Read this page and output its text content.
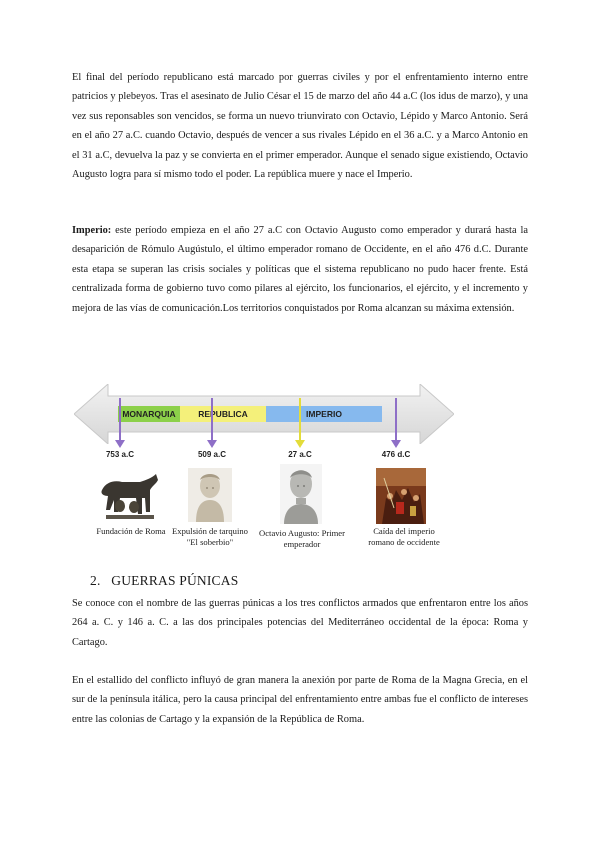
El final del período republicano está marcado por guerras civiles y por el enfrentamiento interno entre patricios y plebeyos. Tras el asesinato de Julio César el 15 de marzo del año 44 a.C (los idus de marzo), y una vez sus reponsables son vencidos, se forma un nuevo triunvirato con Octavio, Lépido y Marco Antonio. Será en el año 27 a.C. cuando Octavio, después de vencer a sus rivales Lépido en el 36 a.C. y a Marco Antonio en el 31 a.C, devuelva la paz y se convierta en el primer emperador. Aunque el senado sigue existiendo, Octavio Augusto logra para sí mismo todo el poder. La república muere y nace el Imperio.

Imperio: este período empieza en el año 27 a.C con Octavio Augusto como emperador y durará hasta la desaparición de Rómulo Augústulo, el último emperador romano de Occidente, en el año 476 d.C. Durante esta etapa se superan las crisis sociales y políticas que el sistema republicano no pudo hacer frente. Está centralizada forma de gobierno tuvo como pilares al ejército, los funcionarios, el ejército, y el incremento y mejora de las vías de comunicación.Los territorios conquistados por Roma alcanzan su máxima extensión.

MONARQUIA	REPUBLICA	IMPERIO
753 a.C	509 a.C	27 a.C	476 d.C
Fundación de Roma Expulsión de tarquino "El soberbio"
Octavio Augusto: Primer emperador
Caída del imperio romano de occidente
2. GUERRAS PÚNICAS

Se conoce con el nombre de las guerras púnicas a los tres conflictos armados que enfrentaron entre los años 264 a. C. y 146 a. C. a las dos principales potencias del Mediterráneo occidental de la época: Roma y Cartago.

En el estallido del conflicto influyó de gran manera la anexión por parte de Roma de la Magna Grecia, en el sur de la península itálica, pero la causa principal del enfrentamiento entre ambas fue el conflicto de intereses entre las colonias de Cartago y la expansión de la República de Roma.
